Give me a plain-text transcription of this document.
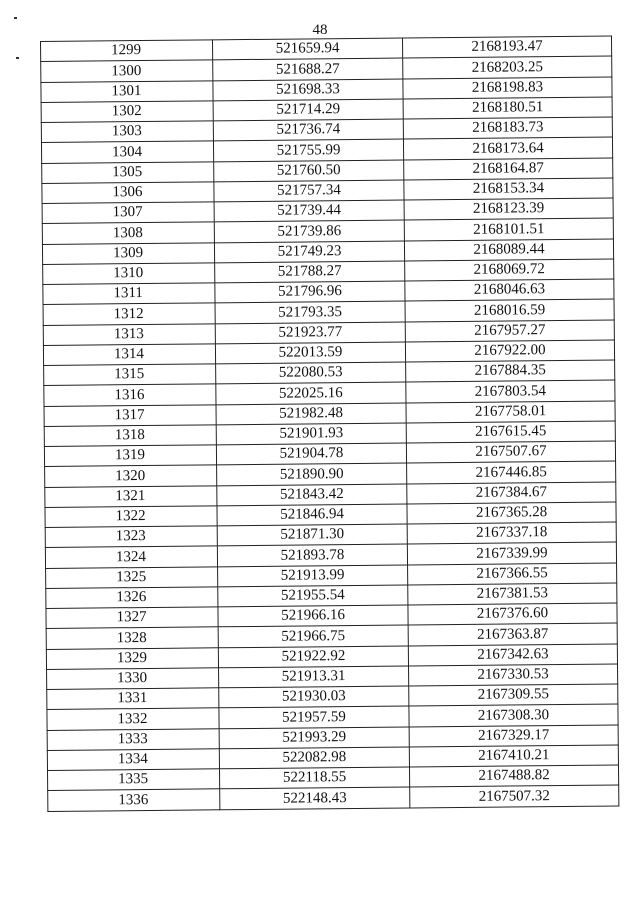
48
1299	521659.94	2168193.47
1300	521688.27	2168203.25
1301	521698.33	2168198.83
1302	521714.29	2168180.51
1303	521736.74	2168183.73
1304	521755.99	2168173.64
1305	521760.50	2168164.87
1306	521757.34	2168153.34
1307	521739.44	2168123.39
1308	521739.86	2168101.51
1309	521749.23	2168089.44
1310	521788.27	2168069.72
1311	521796.96	2168046.63
1312	521793.35	2168016.59
1313	521923.77	2167957.27
1314	522013.59	2167922.00
1315	522080.53	2167884.35
1316	522025.16	2167803.54
1317	521982.48	2167758.01
1318	521901.93	2167615.45
1319	521904.78	2167507.67
1320	521890.90	2167446.85
1321	521843.42	2167384.67
1322	521846.94	2167365.28
1323	521871.30	2167337.18
1324	521893.78	2167339.99
1325	521913.99	2167366.55
1326	521955.54	2167381.53
1327	521966.16	2167376.60
1328	521966.75	2167363.87
1329	521922.92	2167342.63
1330	521913.31	2167330.53
1331	521930.03	2167309.55
1332	521957.59	2167308.30
1333	521993.29	2167329.17
1334	522082.98	2167410.21
1335	522118.55	2167488.82
1336	522148.43	2167507.32
